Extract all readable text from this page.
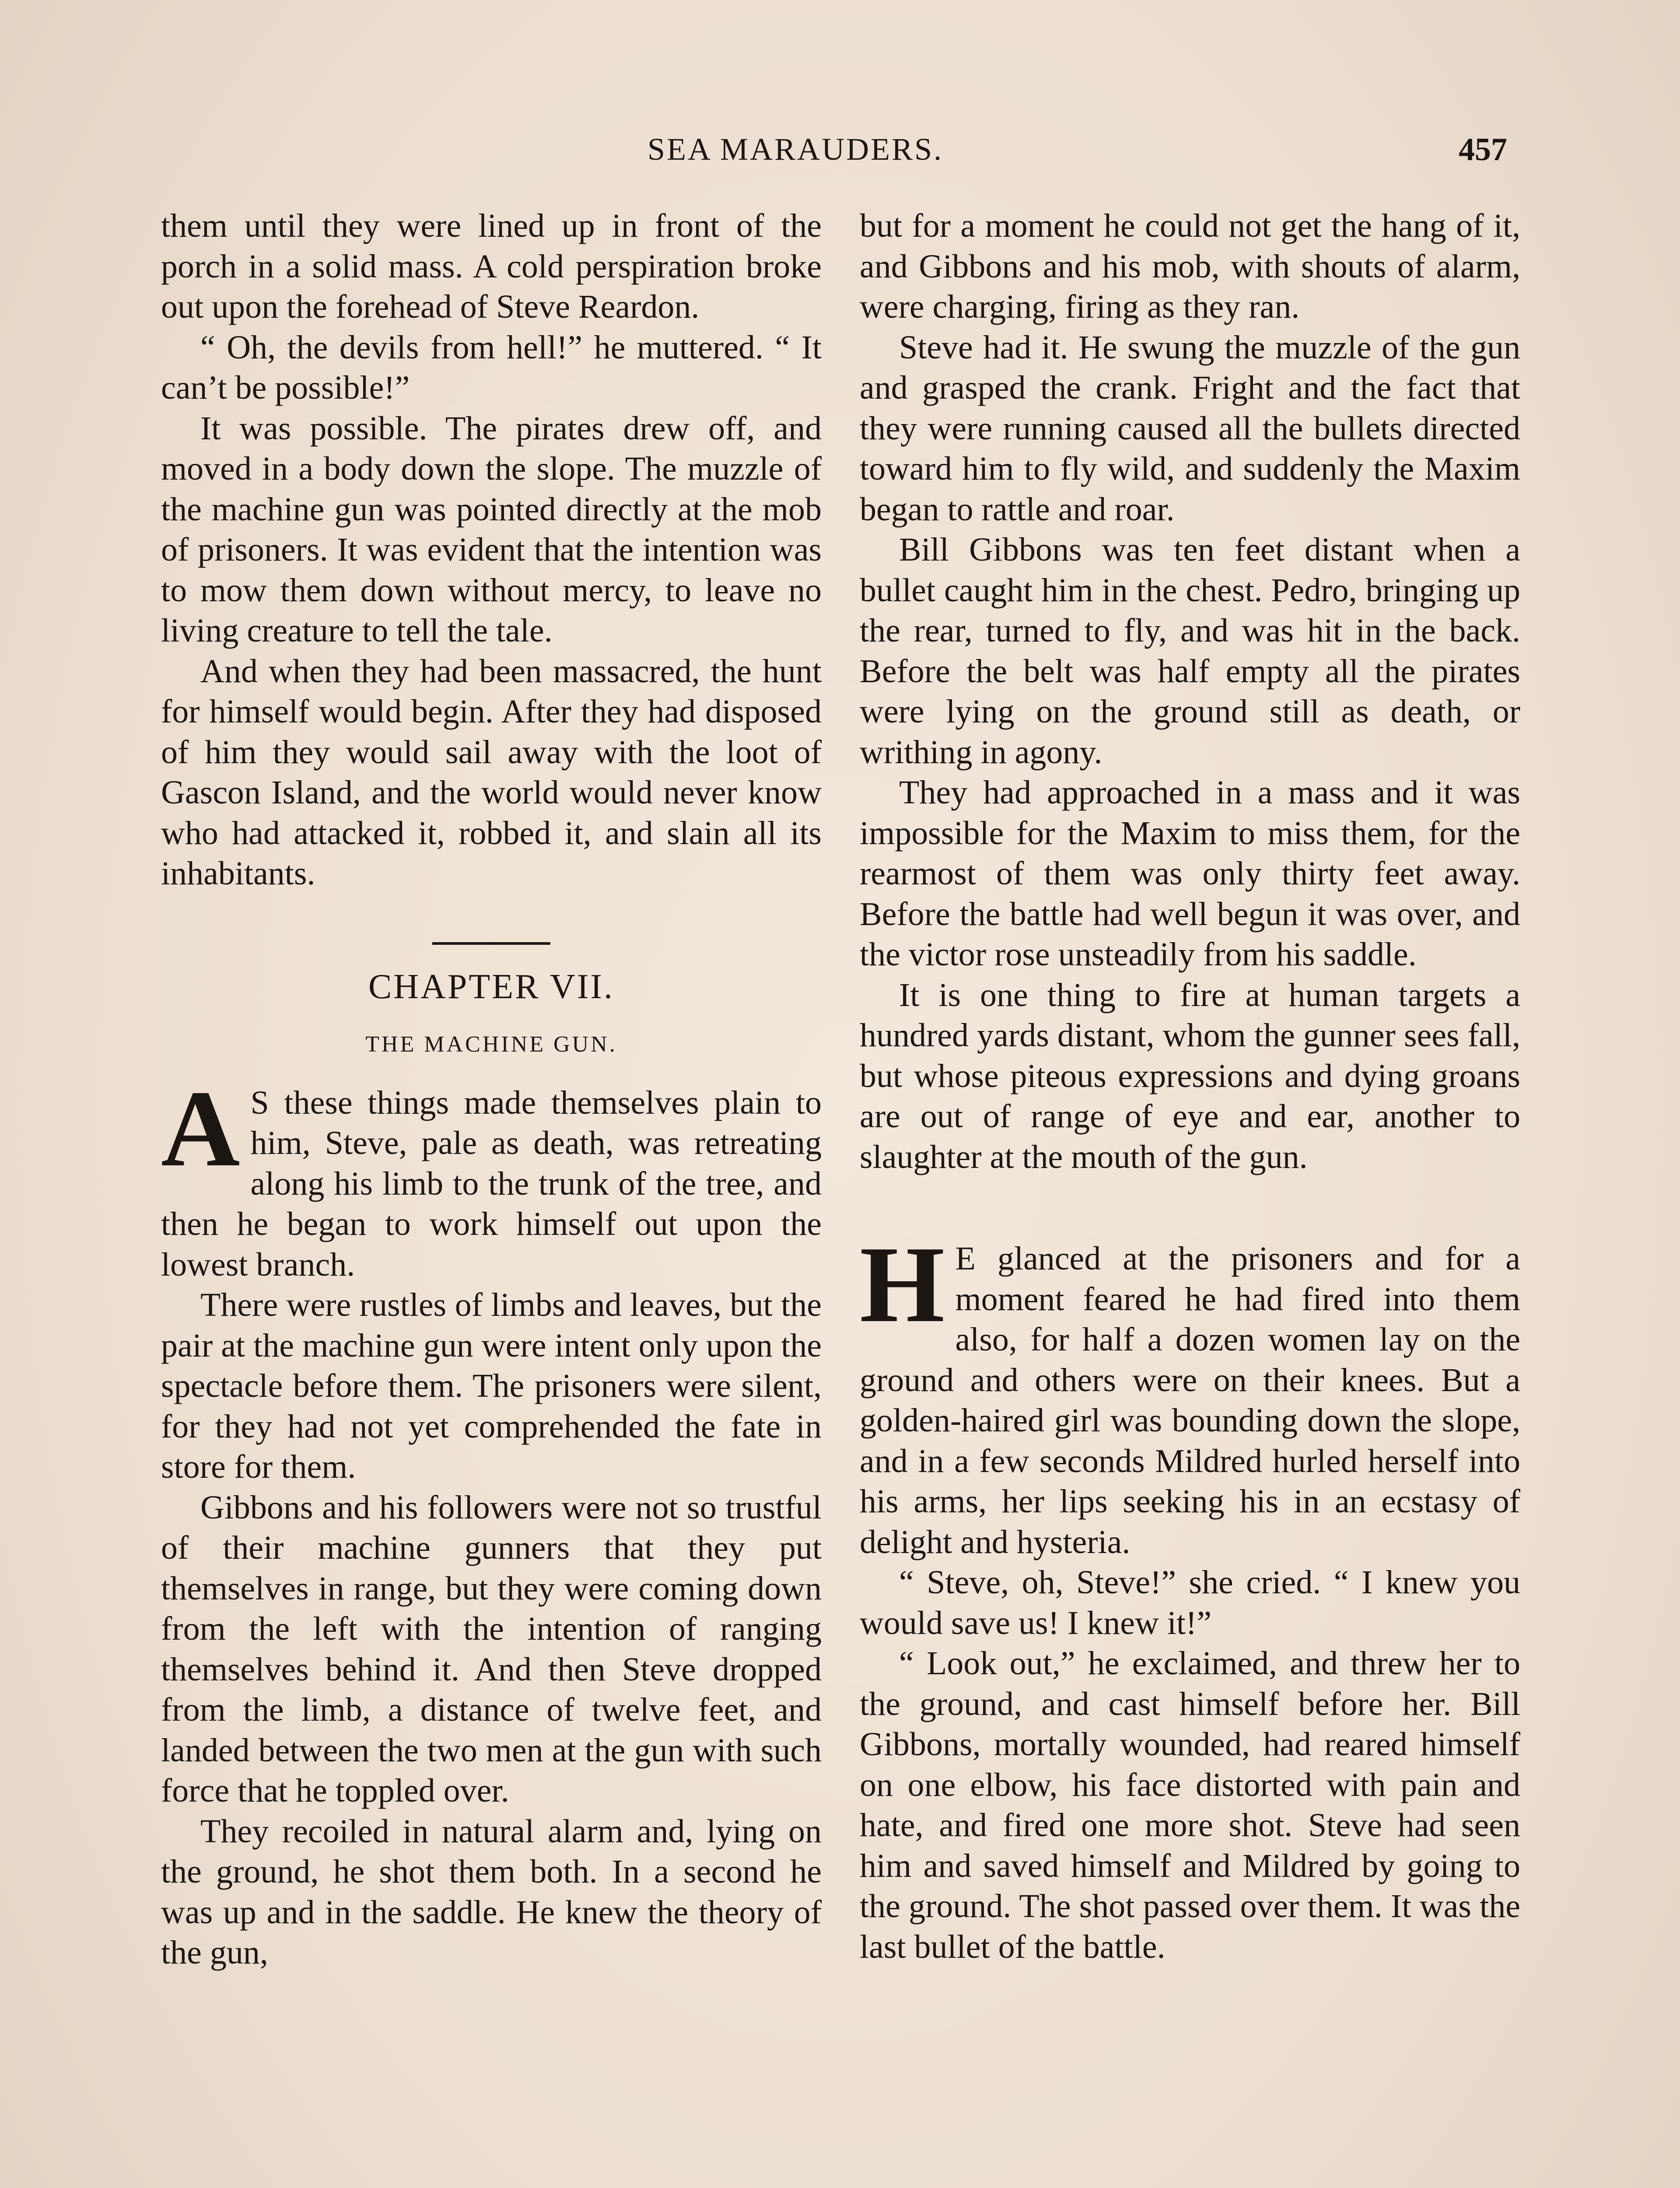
SEA MARAUDERS.	457

them until they were lined up in front of the porch in a solid mass. A cold perspiration broke out upon the forehead of Steve Reardon.

“ Oh, the devils from hell!” he muttered. “ It can’t be possible!”

It was possible. The pirates drew off, and moved in a body down the slope. The muzzle of the machine gun was pointed directly at the mob of prisoners. It was evident that the intention was to mow them down without mercy, to leave no living creature to tell the tale.

And when they had been massacred, the hunt for himself would begin. After they had disposed of him they would sail away with the loot of Gascon Island, and the world would never know who had attacked it, robbed it, and slain all its inhabitants.

CHAPTER VII.
THE MACHINE GUN.

A S these things made themselves plain to him, Steve, pale as death, was retreating along his limb to the trunk of the tree, and then he began to work himself out upon the lowest branch.

There were rustles of limbs and leaves, but the pair at the machine gun were intent only upon the spectacle before them. The prisoners were silent, for they had not yet comprehended the fate in store for them.

Gibbons and his followers were not so trustful of their machine gunners that they put themselves in range, but they were coming down from the left with the intention of ranging themselves behind it. And then Steve dropped from the limb, a distance of twelve feet, and landed between the two men at the gun with such force that he toppled over.

They recoiled in natural alarm and, lying on the ground, he shot them both. In a second he was up and in the saddle. He knew the theory of the gun,

but for a moment he could not get the hang of it, and Gibbons and his mob, with shouts of alarm, were charging, firing as they ran.

Steve had it. He swung the muzzle of the gun and grasped the crank. Fright and the fact that they were running caused all the bullets directed toward him to fly wild, and suddenly the Maxim began to rattle and roar.

Bill Gibbons was ten feet distant when a bullet caught him in the chest. Pedro, bringing up the rear, turned to fly, and was hit in the back. Before the belt was half empty all the pirates were lying on the ground still as death, or writhing in agony.

They had approached in a mass and it was impossible for the Maxim to miss them, for the rearmost of them was only thirty feet away. Before the battle had well begun it was over, and the victor rose unsteadily from his saddle.

It is one thing to fire at human targets a hundred yards distant, whom the gunner sees fall, but whose piteous expressions and dying groans are out of range of eye and ear, another to slaughter at the mouth of the gun.

H E glanced at the prisoners and for a moment feared he had fired into them also, for half a dozen women lay on the ground and others were on their knees. But a golden-haired girl was bounding down the slope, and in a few seconds Mildred hurled herself into his arms, her lips seeking his in an ecstasy of delight and hysteria.

“ Steve, oh, Steve!” she cried. “ I knew you would save us! I knew it!”

“ Look out,” he exclaimed, and threw her to the ground, and cast himself before her. Bill Gibbons, mortally wounded, had reared himself on one elbow, his face distorted with pain and hate, and fired one more shot. Steve had seen him and saved himself and Mildred by going to the ground. The shot passed over them. It was the last bullet of the battle.
